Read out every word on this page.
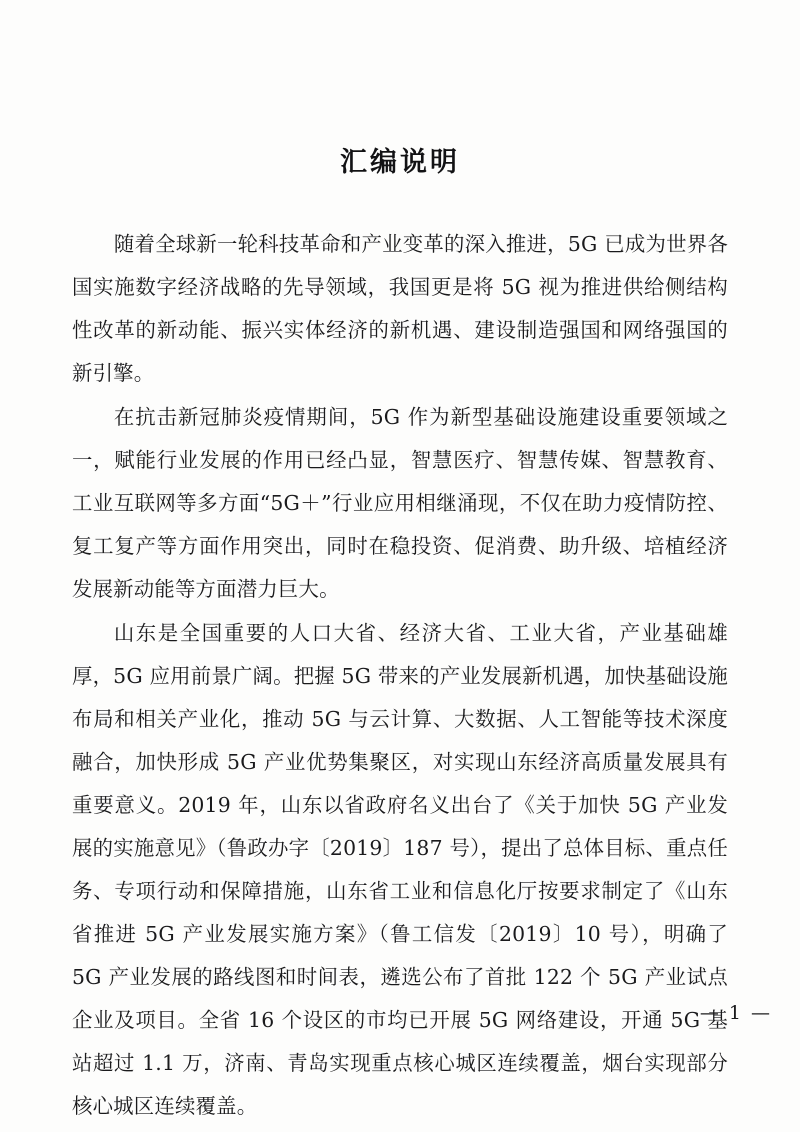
汇编说明

随着全球新一轮科技革命和产业变革的深入推进，5G 已成为世界各国实施数字经济战略的先导领域，我国更是将 5G 视为推进供给侧结构性改革的新动能、振兴实体经济的新机遇、建设制造强国和网络强国的新引擎。

在抗击新冠肺炎疫情期间，5G 作为新型基础设施建设重要领域之一，赋能行业发展的作用已经凸显，智慧医疗、智慧传媒、智慧教育、工业互联网等多方面“5G＋”行业应用相继涌现，不仅在助力疫情防控、复工复产等方面作用突出，同时在稳投资、促消费、助升级、培植经济发展新动能等方面潜力巨大。

山东是全国重要的人口大省、经济大省、工业大省，产业基础雄厚，5G 应用前景广阔。把握 5G 带来的产业发展新机遇，加快基础设施布局和相关产业化，推动 5G 与云计算、大数据、人工智能等技术深度融合，加快形成 5G 产业优势集聚区，对实现山东经济高质量发展具有重要意义。2019 年，山东以省政府名义出台了《关于加快 5G 产业发展的实施意见》（鲁政办字〔2019〕187 号），提出了总体目标、重点任务、专项行动和保障措施，山东省工业和信息化厅按要求制定了《山东省推进 5G 产业发展实施方案》（鲁工信发〔2019〕10 号），明确了 5G 产业发展的路线图和时间表，遴选公布了首批 122 个 5G 产业试点企业及项目。全省 16 个设区的市均已开展 5G 网络建设，开通 5G 基站超过 1.1 万，济南、青岛实现重点核心城区连续覆盖，烟台实现部分核心城区连续覆盖。

— 1 —
